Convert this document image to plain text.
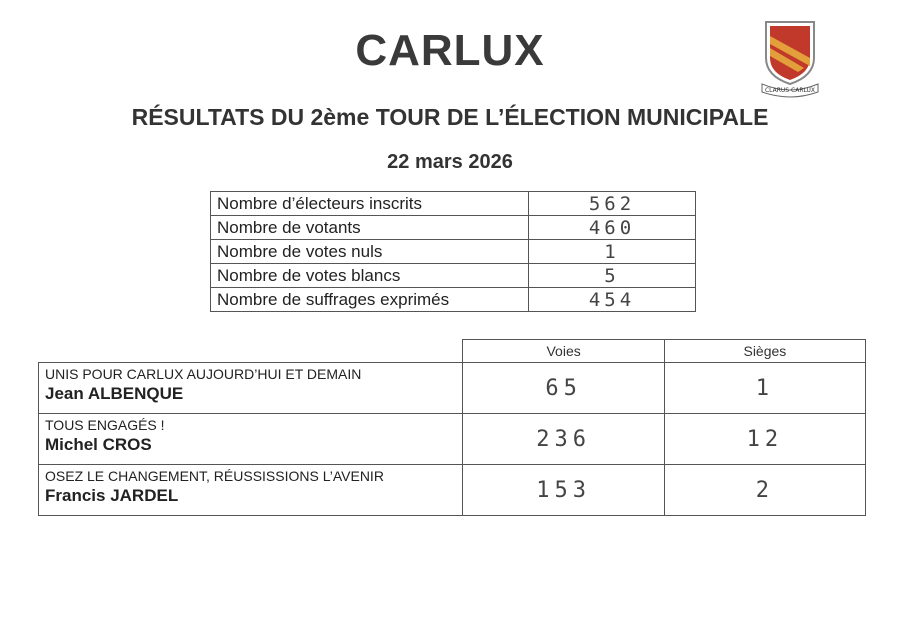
CARLUX
CLARUS CARLUX
RÉSULTATS DU 2ème TOUR DE L’ÉLECTION MUNICIPALE
22 mars 2026
Nombre d’électeurs inscrits	562
Nombre de votants	460
Nombre de votes nuls	1
Nombre de votes blancs	5
Nombre de suffrages exprimés	454
	Voies	Sièges

UNIS POUR CARLUX AUJOURD’HUI ET DEMAIN
Jean ALBENQUE	65	1

TOUS ENGAGÉS !
Michel CROS	236	12

OSEZ LE CHANGEMENT, RÉUSSISSIONS L’AVENIR
Francis JARDEL	153	2
